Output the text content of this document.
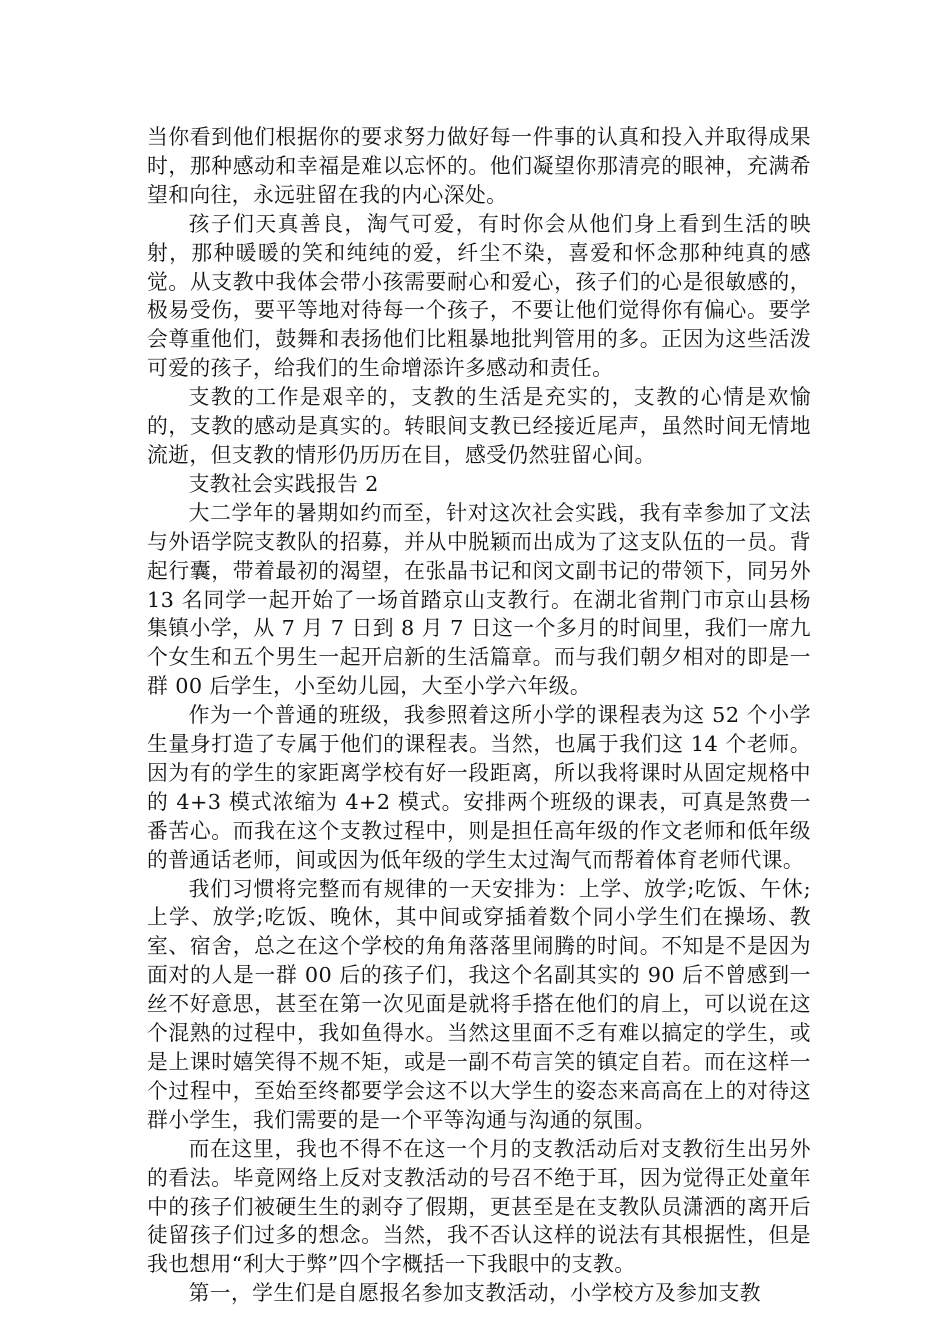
当你看到他们根据你的要求努力做好每一件事的认真和投入并取得成果时，那种感动和幸福是难以忘怀的。他们凝望你那清亮的眼神，充满希望和向往，永远驻留在我的内心深处。

孩子们天真善良，淘气可爱，有时你会从他们身上看到生活的映射，那种暖暖的笑和纯纯的爱，纤尘不染，喜爱和怀念那种纯真的感觉。从支教中我体会带小孩需要耐心和爱心，孩子们的心是很敏感的，极易受伤，要平等地对待每一个孩子，不要让他们觉得你有偏心。要学会尊重他们，鼓舞和表扬他们比粗暴地批判管用的多。正因为这些活泼可爱的孩子，给我们的生命增添许多感动和责任。

支教的工作是艰辛的，支教的生活是充实的，支教的心情是欢愉的，支教的感动是真实的。转眼间支教已经接近尾声，虽然时间无情地流逝，但支教的情形仍历历在目，感受仍然驻留心间。

支教社会实践报告 2

大二学年的暑期如约而至，针对这次社会实践，我有幸参加了文法与外语学院支教队的招募，并从中脱颖而出成为了这支队伍的一员。背起行囊，带着最初的渴望，在张晶书记和闵文副书记的带领下，同另外 13 名同学一起开始了一场首踏京山支教行。在湖北省荆门市京山县杨集镇小学，从 7 月 7 日到 8 月 7 日这一个多月的时间里，我们一席九个女生和五个男生一起开启新的生活篇章。而与我们朝夕相对的即是一群 00 后学生，小至幼儿园，大至小学六年级。

作为一个普通的班级，我参照着这所小学的课程表为这 52 个小学生量身打造了专属于他们的课程表。当然，也属于我们这 14 个老师。因为有的学生的家距离学校有好一段距离，所以我将课时从固定规格中的 4+3 模式浓缩为 4+2 模式。安排两个班级的课表，可真是煞费一番苦心。而我在这个支教过程中，则是担任高年级的作文老师和低年级的普通话老师，间或因为低年级的学生太过淘气而帮着体育老师代课。

我们习惯将完整而有规律的一天安排为：上学、放学;吃饭、午休;上学、放学;吃饭、晚休，其中间或穿插着数个同小学生们在操场、教室、宿舍，总之在这个学校的角角落落里闹腾的时间。不知是不是因为面对的人是一群 00 后的孩子们，我这个名副其实的 90 后不曾感到一丝不好意思，甚至在第一次见面是就将手搭在他们的肩上，可以说在这个混熟的过程中，我如鱼得水。当然这里面不乏有难以搞定的学生，或是上课时嬉笑得不规不矩，或是一副不苟言笑的镇定自若。而在这样一个过程中，至始至终都要学会这不以大学生的姿态来高高在上的对待这群小学生，我们需要的是一个平等沟通与沟通的氛围。

而在这里，我也不得不在这一个月的支教活动后对支教衍生出另外的看法。毕竟网络上反对支教活动的号召不绝于耳，因为觉得正处童年中的孩子们被硬生生的剥夺了假期，更甚至是在支教队员潇洒的离开后徒留孩子们过多的想念。当然，我不否认这样的说法有其根据性，但是我也想用“利大于弊”四个字概括一下我眼中的支教。

第一，学生们是自愿报名参加支教活动，小学校方及参加支教
